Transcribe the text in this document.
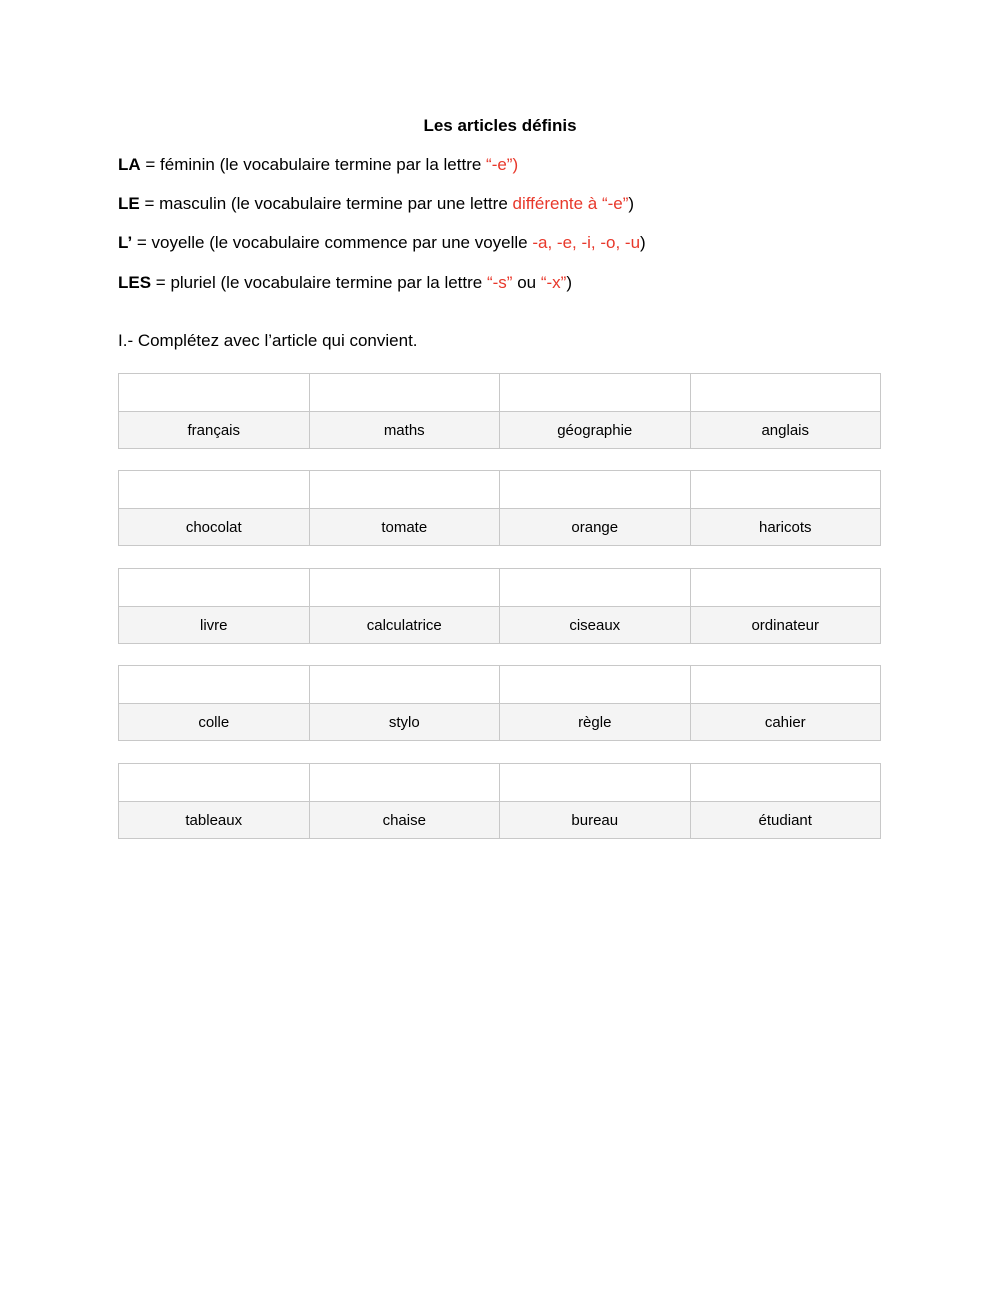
Les articles définis
LA = féminin (le vocabulaire termine par la lettre “-e”)
LE = masculin (le vocabulaire termine par une lettre différente à “-e”)
L’ = voyelle (le vocabulaire commence par une voyelle -a, -e, -i, -o, -u)
LES = pluriel (le vocabulaire termine par la lettre “-s” ou “-x”)
I.- Complétez avec l’article qui convient.

français	maths	géographie	anglais

chocolat	tomate	orange	haricots

livre	calculatrice	ciseaux	ordinateur

colle	stylo	règle	cahier

tableaux	chaise	bureau	étudiant
